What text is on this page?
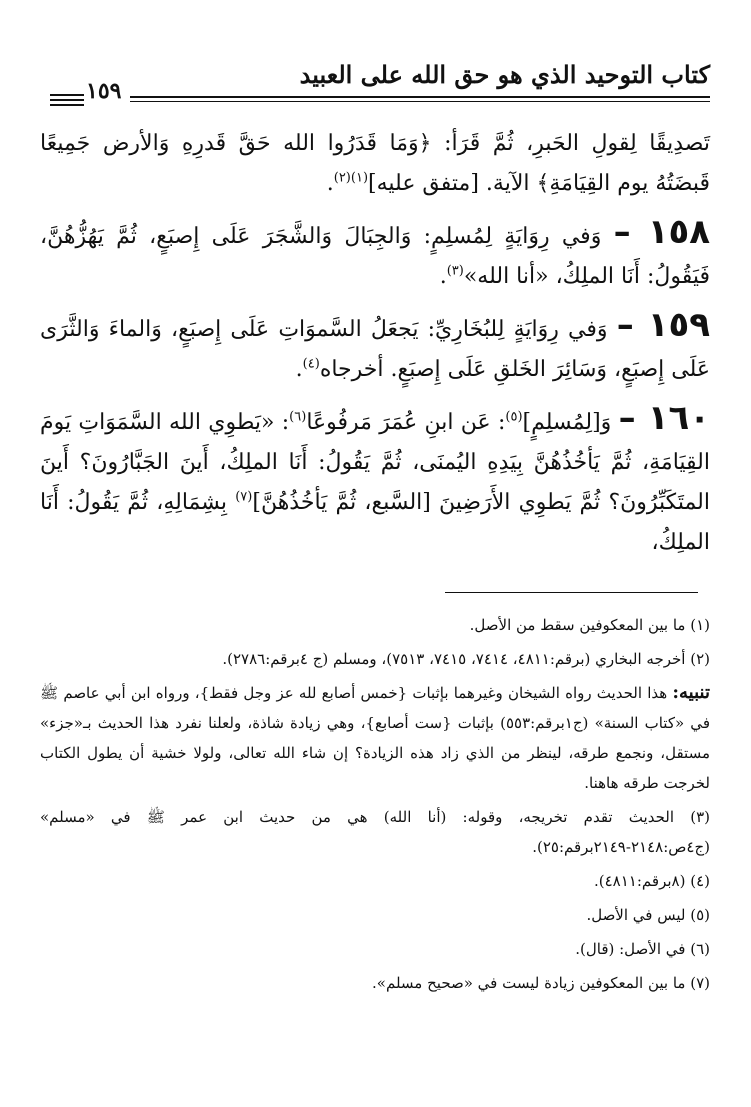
كتاب التوحيد الذي هو حق الله على العبيد
١٥٩

تَصدِيقًا لِقولِ الحَبرِ، ثُمَّ قَرَأ: ﴿وَمَا قَدَرُوا الله حَقَّ قَدرِهِ وَالأرض جَمِيعًا قَبضَتُهُ يوم القِيَامَةِ﴾ الآية. [متفق عليه]$^{(١)(٢)}$.

١٥٨ – وَفي رِوَايَةٍ لِمُسلِمٍ: وَالجِبَالَ وَالشَّجَرَ عَلَى إِصبَعٍ، ثُمَّ يَهُزُّهُنَّ، فَيَقُولُ: أَنَا الملِكُ، «أنا الله»$^{(٣)}$.

١٥٩ – وَفي رِوَايَةٍ لِلبُخَارِيِّ: يَجعَلُ السَّموَاتِ عَلَى إِصبَعٍ، وَالماءَ وَالثَّرَى عَلَى إِصبَعٍ، وَسَائِرَ الخَلقِ عَلَى إِصبَعٍ. أخرجاه$^{(٤)}$.

١٦٠ – وَ[لِمُسلِمٍ]$^{(٥)}$: عَن ابنِ عُمَرَ مَرفُوعًا$^{(٦)}$: «يَطوِي الله السَّمَوَاتِ يَومَ القِيَامَةِ، ثُمَّ يَأخُذُهُنَّ بِيَدِهِ اليُمنَى، ثُمَّ يَقُولُ: أَنَا الملِكُ، أَينَ الجَبَّارُونَ؟ أَينَ المتَكَبِّرُونَ؟ ثُمَّ يَطوِي الأَرَضِينَ [السَّبع، ثُمَّ يَأخُذُهُنَّ]$^{(٧)}$ بِشِمَالِهِ، ثُمَّ يَقُولُ: أَنَا الملِكُ،

(١) ما بين المعكوفين سقط من الأصل.

(٢) أخرجه البخاري (برقم:٤٨١١، ٧٤١٤، ٧٤١٥، ٧٥١٣)، ومسلم (ج ٤برقم:٢٧٨٦).

تنبيه: هذا الحديث رواه الشيخان وغيرهما بإثبات {خمس أصابع لله عز وجل فقط}، ورواه ابن أبي عاصم ﷺ في «كتاب السنة» (ج١برقم:٥٥٣) بإثبات {ست أصابع}، وهي زيادة شاذة، ولعلنا نفرد هذا الحديث بـ«جزء» مستقل، ونجمع طرقه، لينظر من الذي زاد هذه الزيادة؟ إن شاء الله تعالى، ولولا خشية أن يطول الكتاب لخرجت طرقه هاهنا.

(٣) الحديث تقدم تخريجه، وقوله: (أنا الله) هي من حديث ابن عمر ﷺ في «مسلم» (ج٤ص:٢١٤٨-٢١٤٩برقم:٢٥).

(٤) (٨برقم:٤٨١١).

(٥) ليس في الأصل.

(٦) في الأصل: (قال).

(٧) ما بين المعكوفين زيادة ليست في «صحيح مسلم».
